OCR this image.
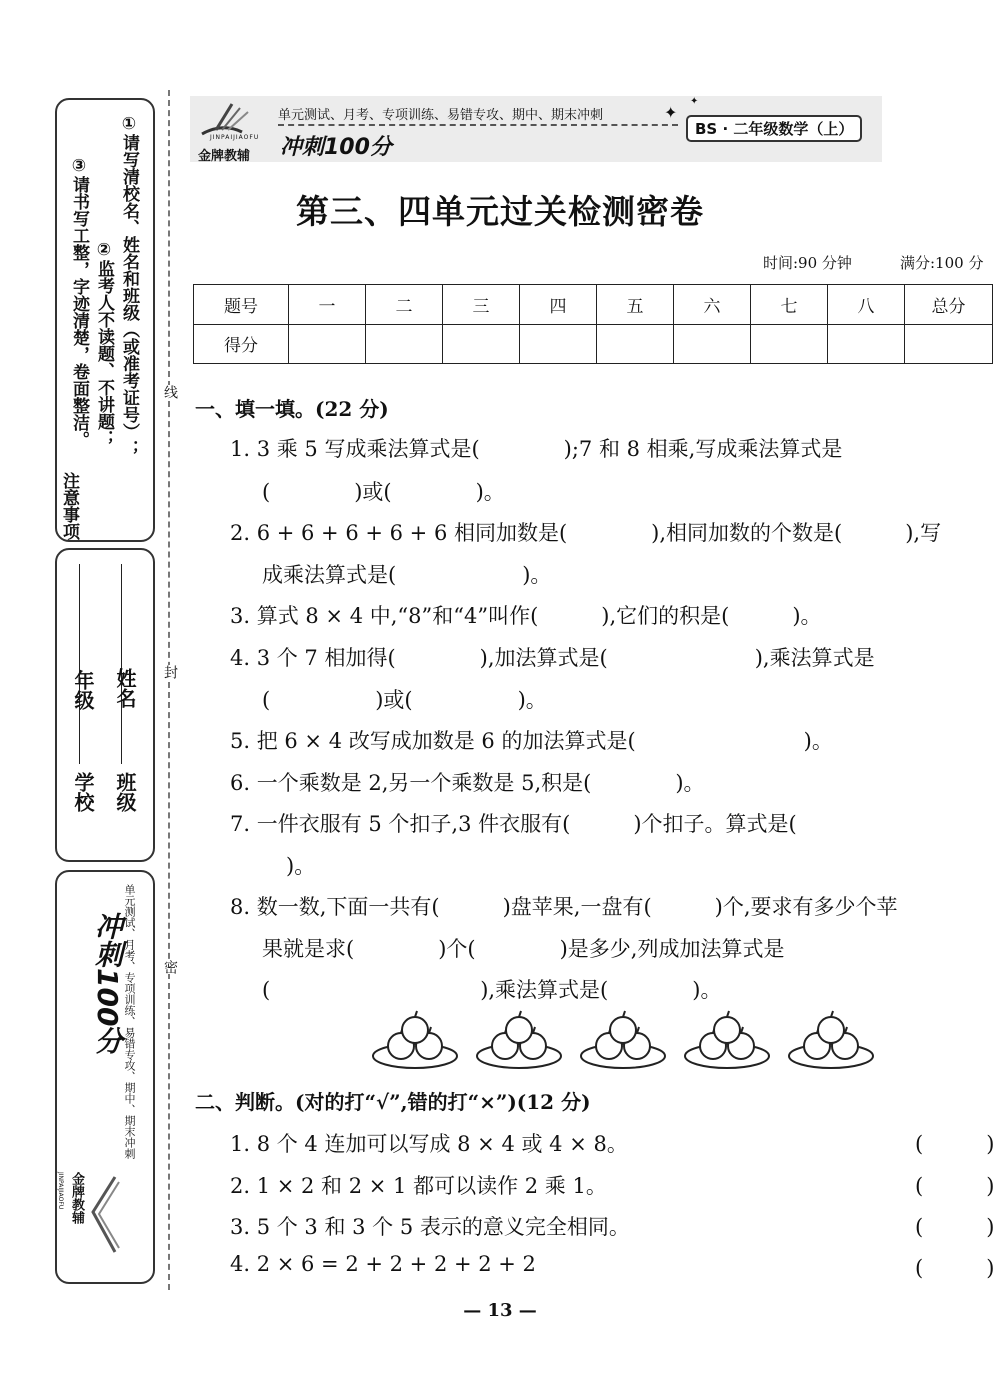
①请写清校名、姓名和班级（或准考证号）；
②监考人不读题、不讲题；
③请书写工整，字迹清楚，卷面整洁。
注意事项
学校
年级
班级
姓名
单元测试、月考、专项训练、易错专攻、期中、期末冲刺
冲刺100分
金牌教辅
JINPAIJIAOFU
线
封
密
JINPAIJIAOFU
金牌教辅
单元测试、月考、专项训练、易错专攻、期中、期末冲刺
冲刺100分
✦
✦
BS · 二年级数学（上）
第三、四单元过关检测密卷
时间:90 分钟	满分:100 分
题号	一	二	三	四	五	六	七	八	总分
得分									
一、填一填。(22 分)
1. 3 乘 5 写成乘法算式是(　　　　);7 和 8 相乘,写成乘法算式是
(　　　　)或(　　　　)。
2. 6 + 6 + 6 + 6 + 6 相同加数是(　　　　),相同加数的个数是(　　　),写
成乘法算式是(　　　　　　)。
3. 算式 8 × 4 中,“8”和“4”叫作(　　　),它们的积是(　　　)。
4. 3 个 7 相加得(　　　　),加法算式是(　　　　　　　),乘法算式是
(　　　　　)或(　　　　　)。
5. 把 6 × 4 改写成加数是 6 的加法算式是(　　　　　　　　)。
6. 一个乘数是 2,另一个乘数是 5,积是(　　　　)。
7. 一件衣服有 5 个扣子,3 件衣服有(　　　)个扣子。算式是(
)。
8. 数一数,下面一共有(　　　)盘苹果,一盘有(　　　)个,要求有多少个苹
果就是求(　　　　)个(　　　　)是多少,列成加法算式是
(　　　　　　　　　　),乘法算式是(　　　　)。
二、判断。(对的打“√”,错的打“×”)(12 分)
1. 8 个 4 连加可以写成 8 × 4 或 4 × 8。	(　　　)
2. 1 × 2 和 2 × 1 都可以读作 2 乘 1。	(　　　)
3. 5 个 3 和 3 个 5 表示的意义完全相同。	(　　　)
4. 2 × 6 = 2 + 2 + 2 + 2 + 2	(　　　)
— 13 —
